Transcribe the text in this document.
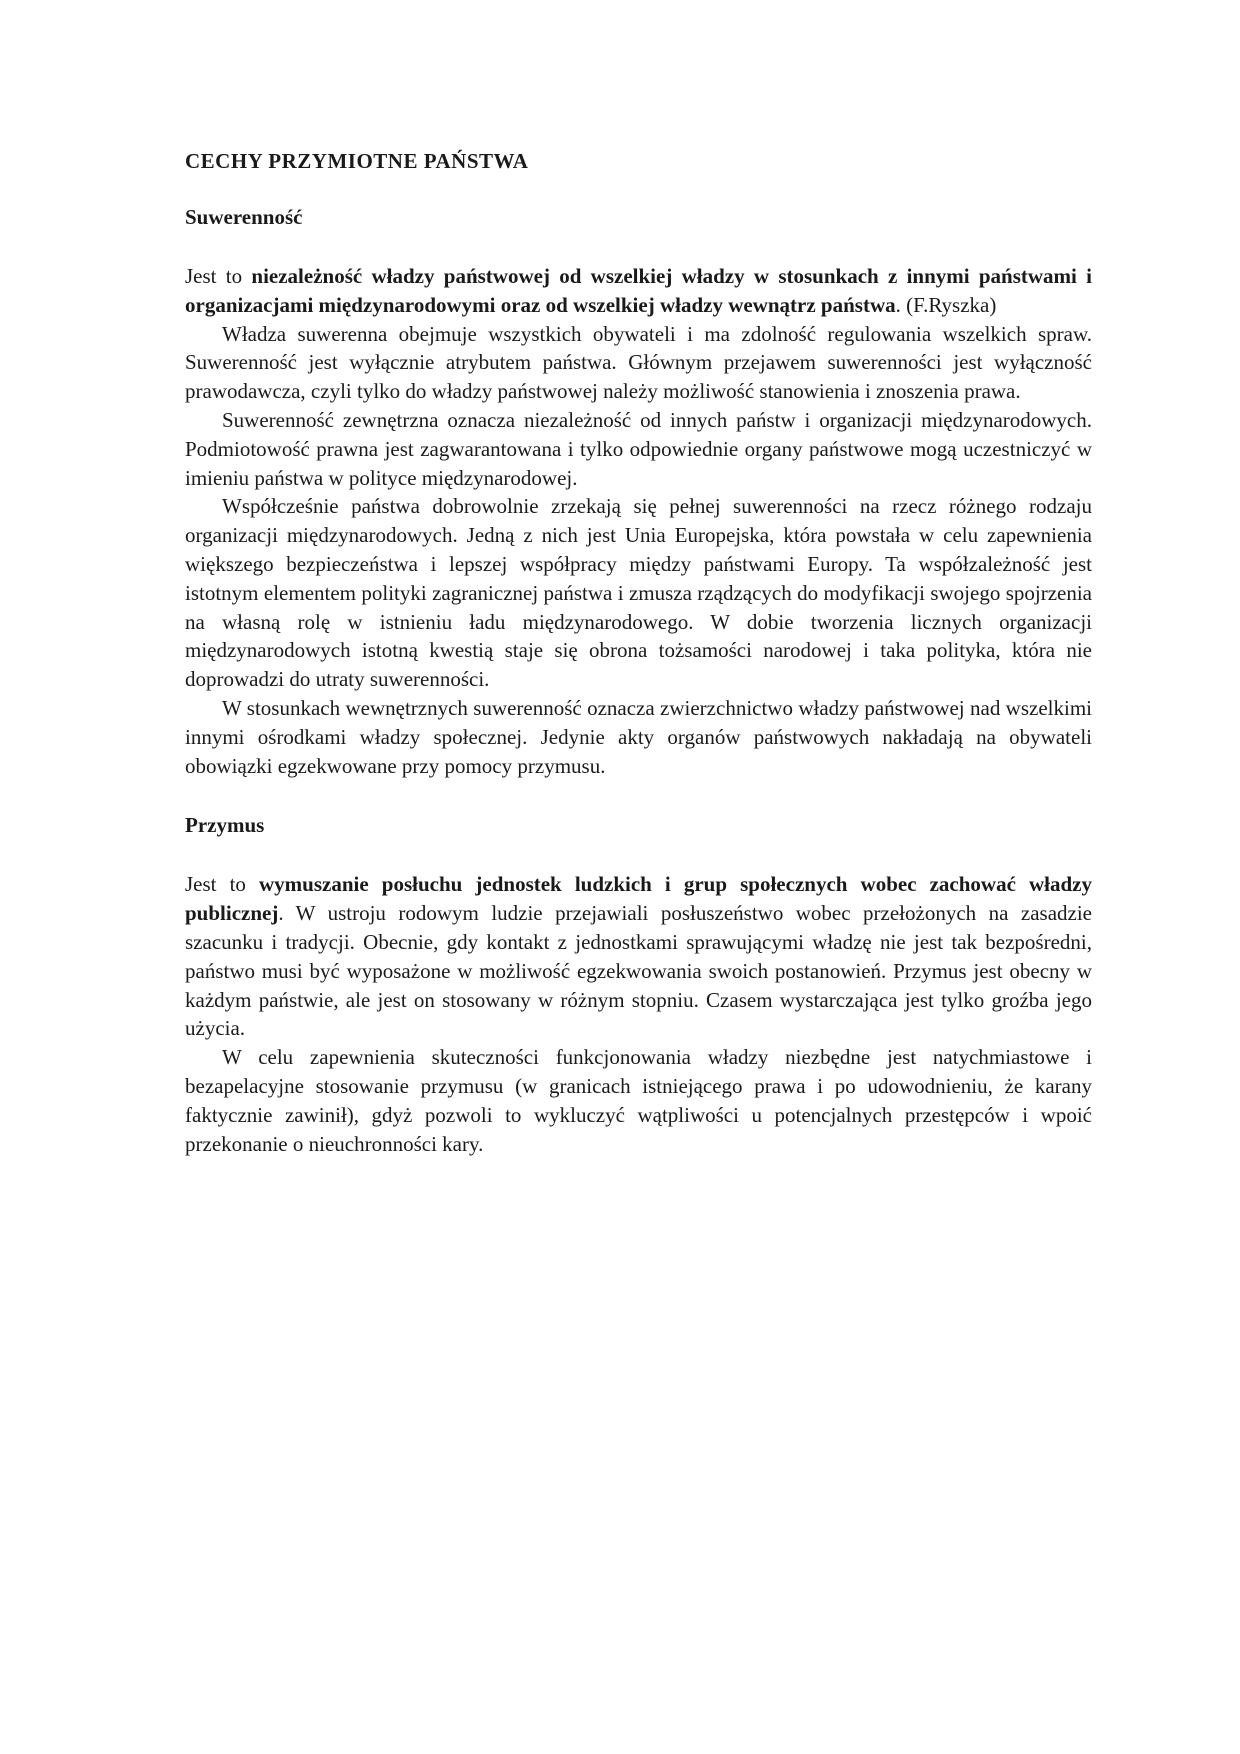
CECHY PRZYMIOTNE PAŃSTWA
Suwerenność

Jest to niezależność władzy państwowej od wszelkiej władzy w stosunkach z innymi państwami i organizacjami międzynarodowymi oraz od wszelkiej władzy wewnątrz państwa. (F.Ryszka)

Władza suwerenna obejmuje wszystkich obywateli i ma zdolność regulowania wszelkich spraw. Suwerenność jest wyłącznie atrybutem państwa. Głównym przejawem suwerenności jest wyłączność prawodawcza, czyli tylko do władzy państwowej należy możliwość stanowienia i znoszenia prawa.

Suwerenność zewnętrzna oznacza niezależność od innych państw i organizacji międzynarodowych. Podmiotowość prawna jest zagwarantowana i tylko odpowiednie organy państwowe mogą uczestniczyć w imieniu państwa w polityce międzynarodowej.

Współcześnie państwa dobrowolnie zrzekają się pełnej suwerenności na rzecz różnego rodzaju organizacji międzynarodowych. Jedną z nich jest Unia Europejska, która powstała w celu zapewnienia większego bezpieczeństwa i lepszej współpracy między państwami Europy. Ta współzależność jest istotnym elementem polityki zagranicznej państwa i zmusza rządzących do modyfikacji swojego spojrzenia na własną rolę w istnieniu ładu międzynarodowego. W dobie tworzenia licznych organizacji międzynarodowych istotną kwestią staje się obrona tożsamości narodowej i taka polityka, która nie doprowadzi do utraty suwerenności.

W stosunkach wewnętrznych suwerenność oznacza zwierzchnictwo władzy państwowej nad wszelkimi innymi ośrodkami władzy społecznej. Jedynie akty organów państwowych nakładają na obywateli obowiązki egzekwowane przy pomocy przymusu.

Przymus

Jest to wymuszanie posłuchu jednostek ludzkich i grup społecznych wobec zachować władzy publicznej. W ustroju rodowym ludzie przejawiali posłuszeństwo wobec przełożonych na zasadzie szacunku i tradycji. Obecnie, gdy kontakt z jednostkami sprawującymi władzę nie jest tak bezpośredni, państwo musi być wyposażone w możliwość egzekwowania swoich postanowień. Przymus jest obecny w każdym państwie, ale jest on stosowany w różnym stopniu. Czasem wystarczająca jest tylko groźba jego użycia.

W celu zapewnienia skuteczności funkcjonowania władzy niezbędne jest natychmiastowe i bezapelacyjne stosowanie przymusu (w granicach istniejącego prawa i po udowodnieniu, że karany faktycznie zawinił), gdyż pozwoli to wykluczyć wątpliwości u potencjalnych przestępców i wpoić przekonanie o nieuchronności kary.
